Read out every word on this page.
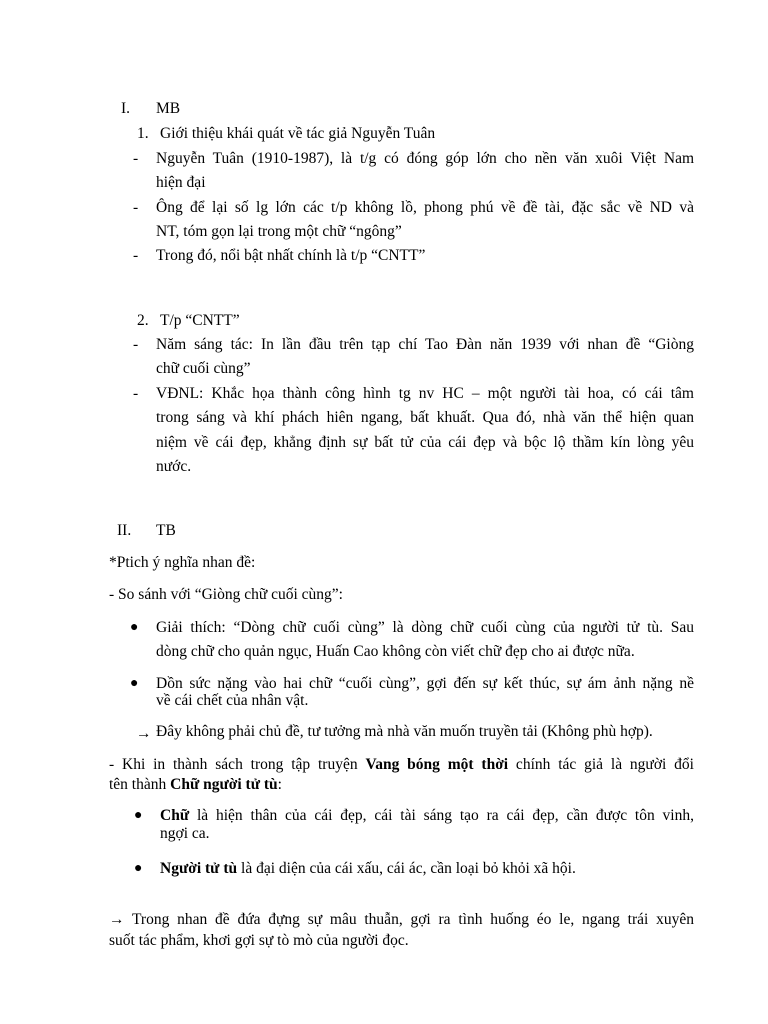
I. MB
1. Giới thiệu khái quát về tác giả Nguyễn Tuân
- Nguyễn Tuân (1910-1987), là t/g có đóng góp lớn cho nền văn xuôi Việt Nam
hiện đại
- Ông để lại số lg lớn các t/p không lồ, phong phú về đề tài, đặc sắc về ND và
NT, tóm gọn lại trong một chữ “ngông”
- Trong đó, nổi bật nhất chính là t/p “CNTT”
2. T/p “CNTT”
- Năm sáng tác: In lần đầu trên tạp chí Tao Đàn năn 1939 với nhan đề “Giòng
chữ cuối cùng”
- VĐNL: Khắc họa thành công hình tg nv HC – một người tài hoa, có cái tâm
trong sáng và khí phách hiên ngang, bất khuất. Qua đó, nhà văn thể hiện quan
niệm về cái đẹp, khẳng định sự bất tử của cái đẹp và bộc lộ thầm kín lòng yêu
nước.
II. TB
*Ptich ý nghĩa nhan đề:
- So sánh với “Giòng chữ cuối cùng”:
● Giải thích: “Dòng chữ cuối cùng” là dòng chữ cuối cùng của người tử tù. Sau
dòng chữ cho quản ngục, Huấn Cao không còn viết chữ đẹp cho ai được nữa.
● Dồn sức nặng vào hai chữ “cuối cùng”, gợi đến sự kết thúc, sự ám ảnh nặng nề
về cái chết của nhân vật.
→ Đây không phải chủ đề, tư tưởng mà nhà văn muốn truyền tải (Không phù hợp).
- Khi in thành sách trong tập truyện Vang bóng một thời chính tác giả là người đổi
tên thành Chữ người tử tù:
● Chữ là hiện thân của cái đẹp, cái tài sáng tạo ra cái đẹp, cần được tôn vinh,
ngợi ca.
● Người tử tù là đại diện của cái xấu, cái ác, cần loại bỏ khỏi xã hội.
→ Trong nhan đề đứa đựng sự mâu thuẫn, gợi ra tình huống éo le, ngang trái xuyên
suốt tác phẩm, khơi gợi sự tò mò của người đọc.
